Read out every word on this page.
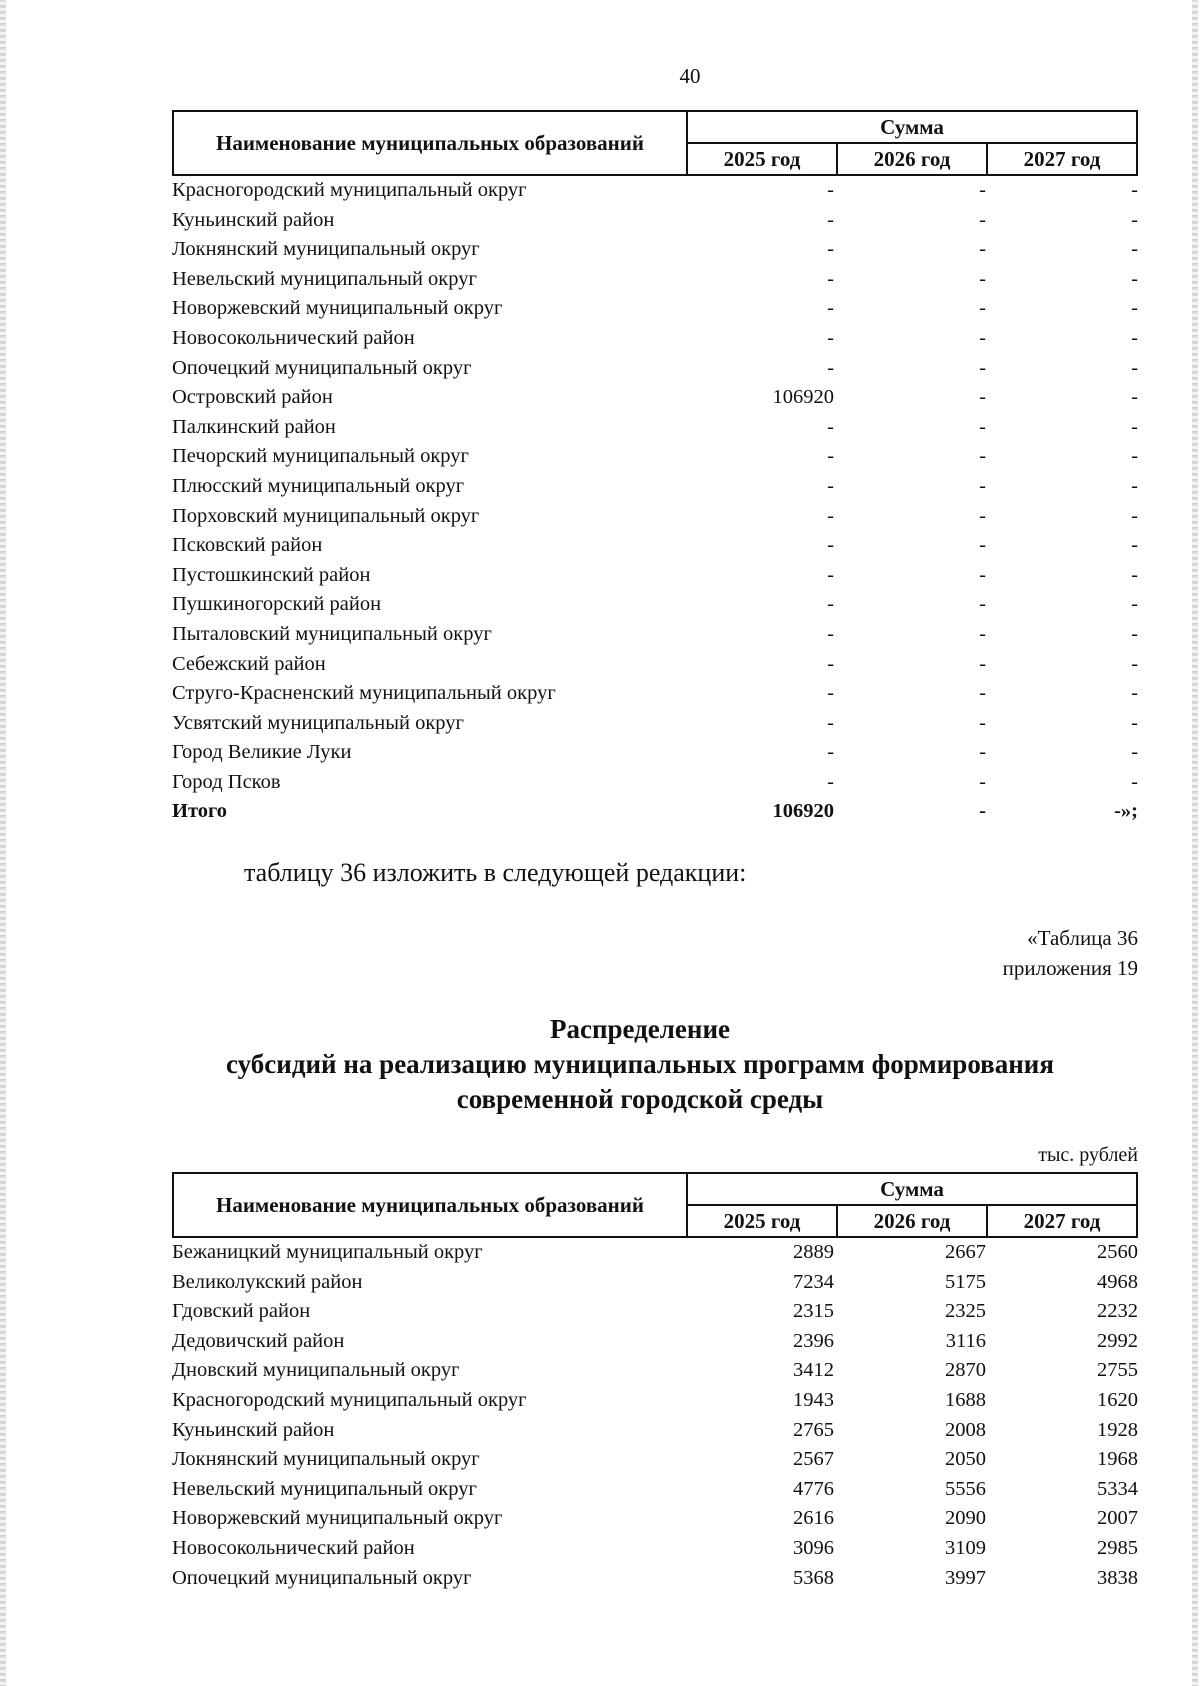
40
Наименование муниципальных образований
Сумма
2025 год	2026 год	2027 год
Красногородский муниципальный округ	-	-	-
Куньинский район	-	-	-
Локнянский муниципальный округ	-	-	-
Невельский муниципальный округ	-	-	-
Новоржевский муниципальный округ	-	-	-
Новосокольнический район	-	-	-
Опочецкий муниципальный округ	-	-	-
Островский район	106920	-	-
Палкинский район	-	-	-
Печорский муниципальный округ	-	-	-
Плюсский муниципальный округ	-	-	-
Порховский муниципальный округ	-	-	-
Псковский район	-	-	-
Пустошкинский район	-	-	-
Пушкиногорский район	-	-	-
Пыталовский муниципальный округ	-	-	-
Себежский район	-	-	-
Струго-Красненский муниципальный округ	-	-	-
Усвятский муниципальный округ	-	-	-
Город Великие Луки	-	-	-
Город Псков	-	-	-
Итого	106920	-	-»;
таблицу 36 изложить в следующей редакции:
«Таблица 36
приложения 19
Распределение
субсидий на реализацию муниципальных программ формирования
современной городской среды
тыс. рублей
Наименование муниципальных образований
Сумма
2025 год	2026 год	2027 год
Бежаницкий муниципальный округ	2889	2667	2560
Великолукский район	7234	5175	4968
Гдовский район	2315	2325	2232
Дедовичский район	2396	3116	2992
Дновский муниципальный округ	3412	2870	2755
Красногородский муниципальный округ	1943	1688	1620
Куньинский район	2765	2008	1928
Локнянский муниципальный округ	2567	2050	1968
Невельский муниципальный округ	4776	5556	5334
Новоржевский муниципальный округ	2616	2090	2007
Новосокольнический район	3096	3109	2985
Опочецкий муниципальный округ	5368	3997	3838
